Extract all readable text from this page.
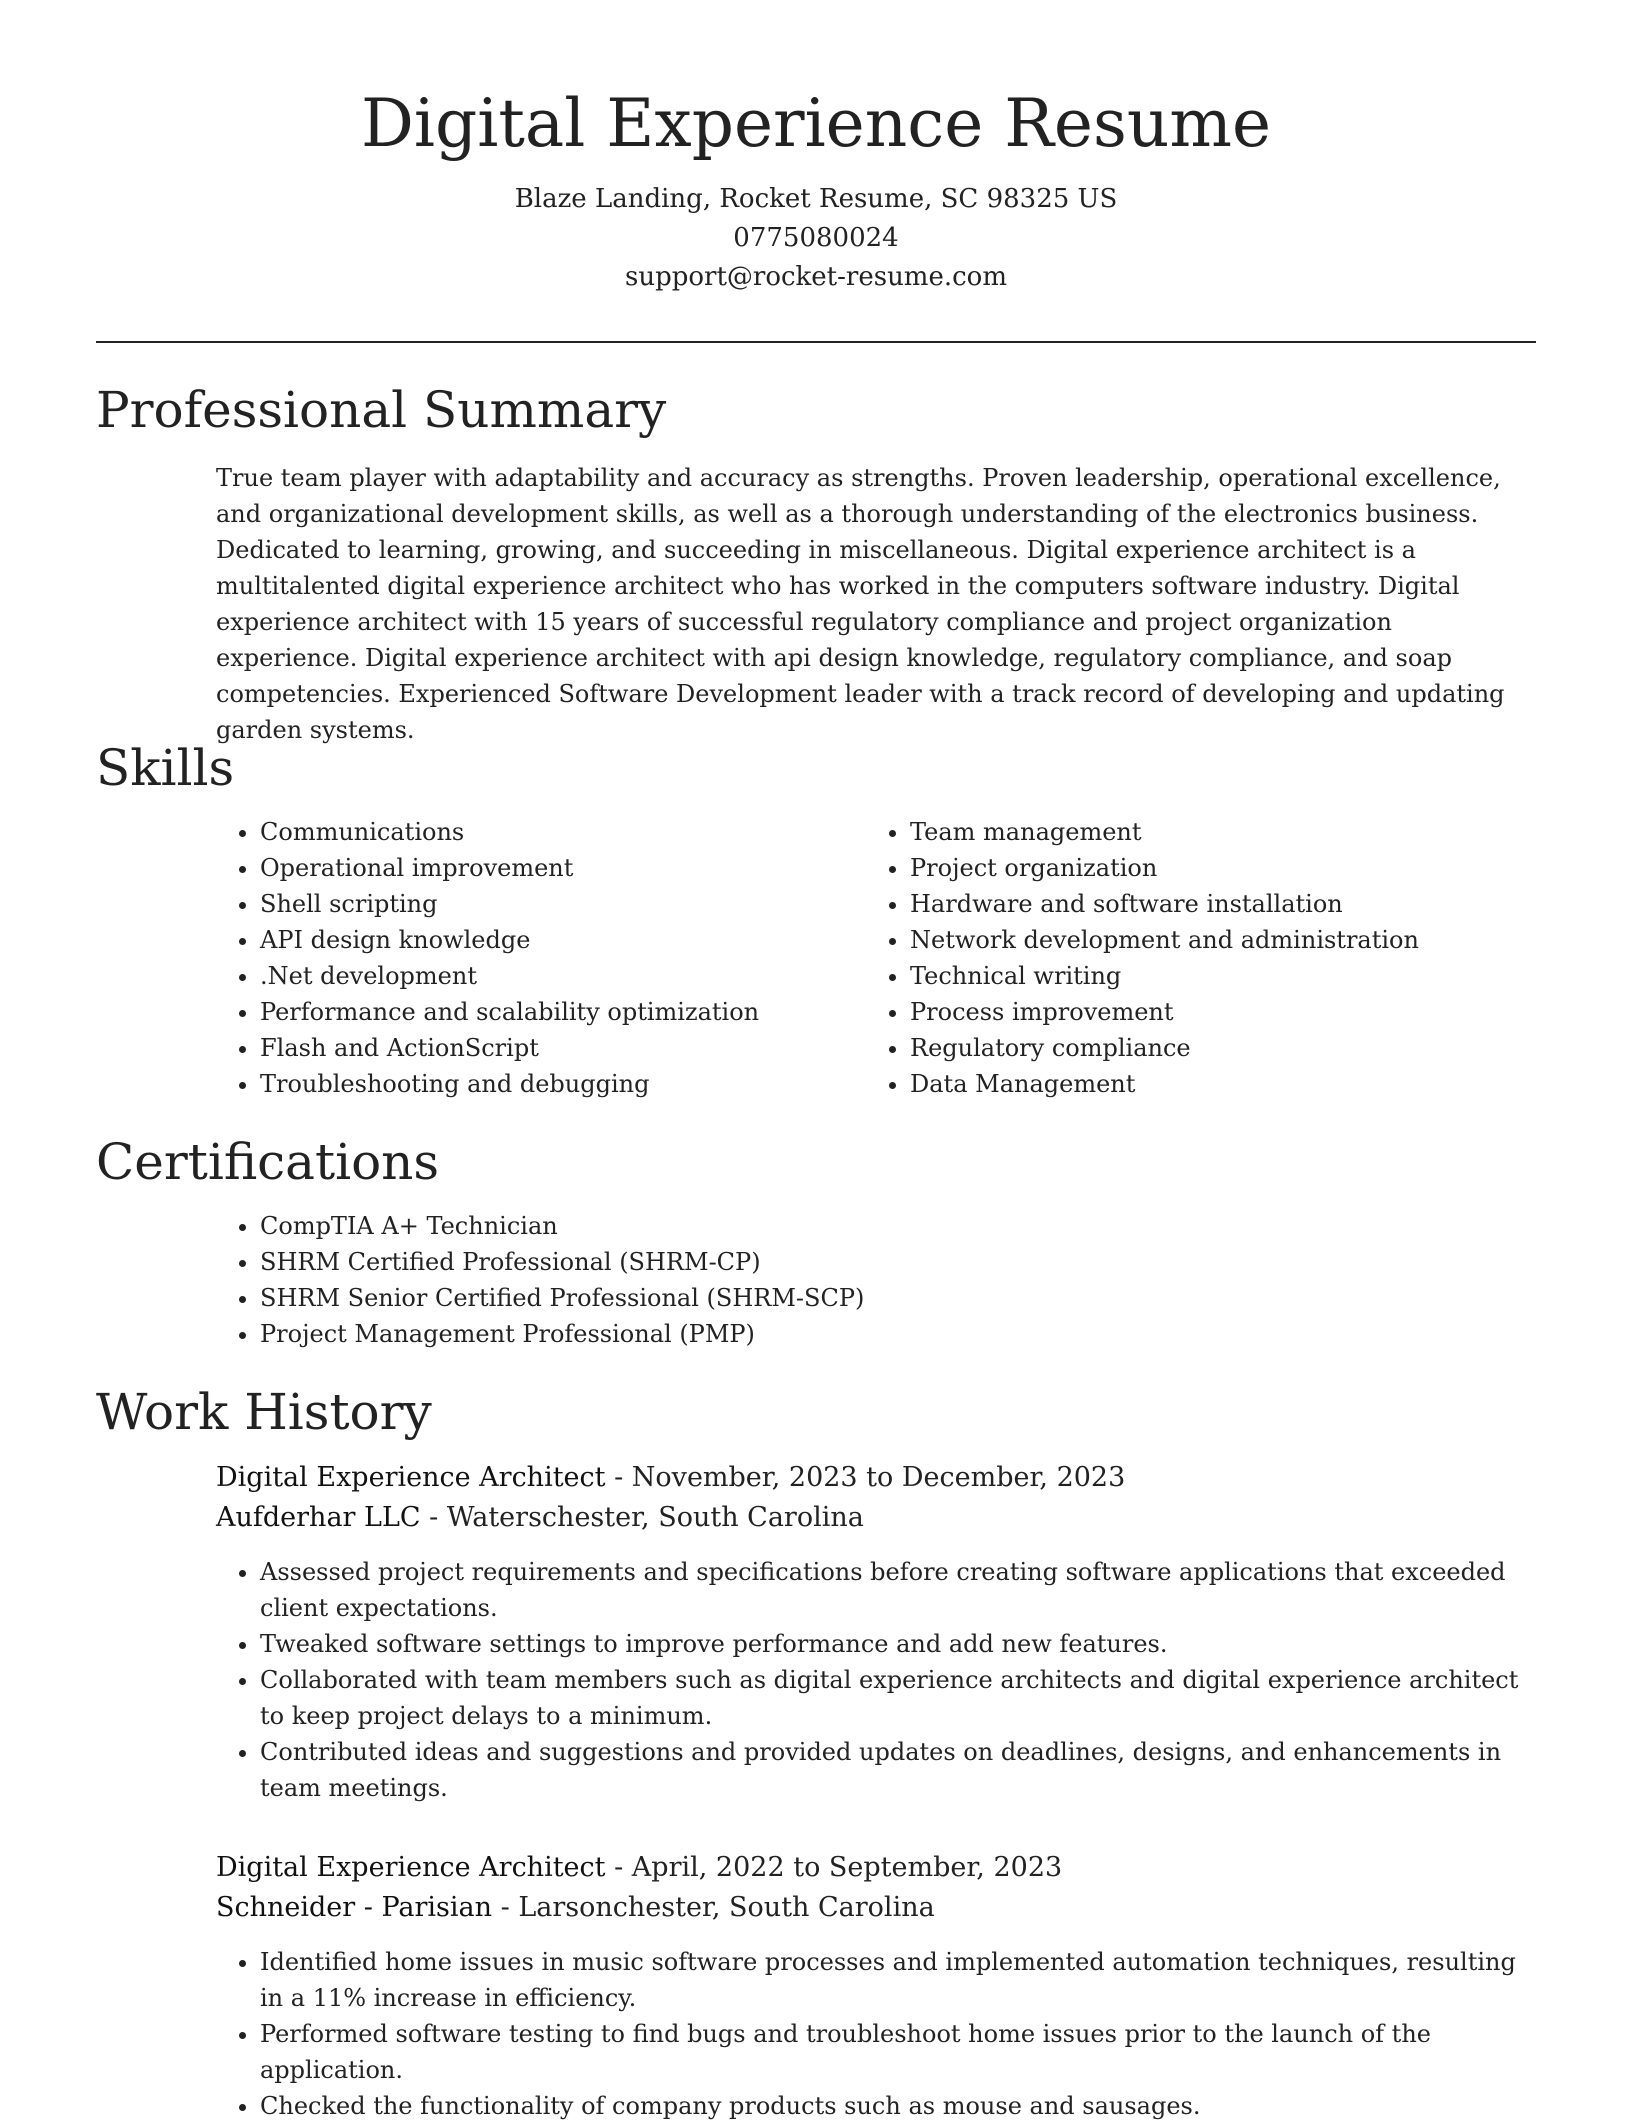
Digital Experience Resume
Blaze Landing, Rocket Resume, SC 98325 US
0775080024
support@rocket-resume.com
Professional Summary
True team player with adaptability and accuracy as strengths. Proven leadership, operational excellence, and organizational development skills, as well as a thorough understanding of the electronics business. Dedicated to learning, growing, and succeeding in miscellaneous. Digital experience architect is a multitalented digital experience architect who has worked in the computers software industry. Digital experience architect with 15 years of successful regulatory compliance and project organization experience. Digital experience architect with api design knowledge, regulatory compliance, and soap competencies. Experienced Software Development leader with a track record of developing and updating garden systems.
Skills
• Communications
• Operational improvement
• Shell scripting
• API design knowledge
• .Net development
• Performance and scalability optimization
• Flash and ActionScript
• Troubleshooting and debugging
• Team management
• Project organization
• Hardware and software installation
• Network development and administration
• Technical writing
• Process improvement
• Regulatory compliance
• Data Management
Certifications
• CompTIA A+ Technician
• SHRM Certified Professional (SHRM-CP)
• SHRM Senior Certified Professional (SHRM-SCP)
• Project Management Professional (PMP)
Work History
Digital Experience Architect - November, 2023 to December, 2023
Aufderhar LLC - Waterschester, South Carolina
• Assessed project requirements and specifications before creating software applications that exceeded client expectations.
• Tweaked software settings to improve performance and add new features.
• Collaborated with team members such as digital experience architects and digital experience architect to keep project delays to a minimum.
• Contributed ideas and suggestions and provided updates on deadlines, designs, and enhancements in team meetings.
Digital Experience Architect - April, 2022 to September, 2023
Schneider - Parisian - Larsonchester, South Carolina
• Identified home issues in music software processes and implemented automation techniques, resulting in a 11% increase in efficiency.
• Performed software testing to find bugs and troubleshoot home issues prior to the launch of the application.
• Checked the functionality of company products such as mouse and sausages.
